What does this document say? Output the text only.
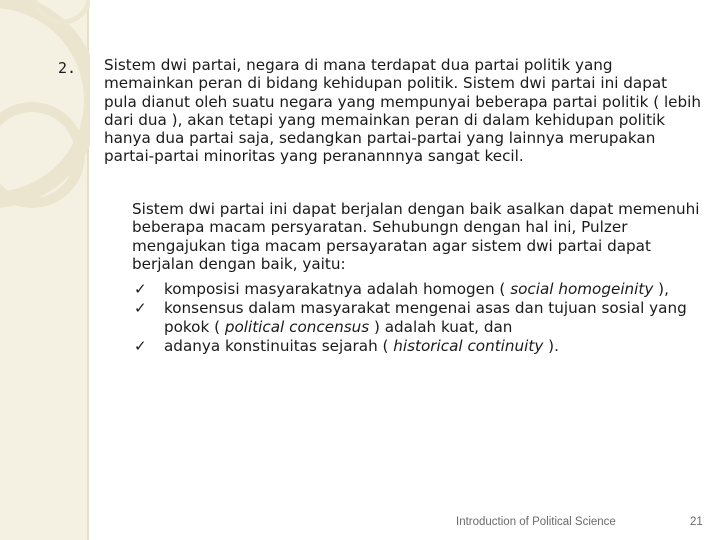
2. Sistem dwi partai, negara di mana terdapat dua partai politik yang memainkan peran di bidang kehidupan politik. Sistem dwi partai ini dapat pula dianut oleh suatu negara yang mempunyai beberapa partai politik ( lebih dari dua ), akan tetapi yang memainkan peran di dalam kehidupan politik hanya dua partai saja, sedangkan partai-partai yang lainnya merupakan partai-partai minoritas yang peranannnya sangat kecil.
Sistem dwi partai ini dapat berjalan dengan baik asalkan dapat memenuhi beberapa macam persyaratan. Sehubungn dengan hal ini, Pulzer mengajukan tiga macam persayaratan agar sistem dwi partai dapat berjalan dengan baik, yaitu:
✓ komposisi masyarakatnya adalah homogen ( social homogeinity ),
✓ konsensus dalam masyarakat mengenai asas dan tujuan sosial yang pokok ( political concensus ) adalah kuat, dan
✓ adanya konstinuitas sejarah ( historical continuity ).
Introduction of Political Science	21
